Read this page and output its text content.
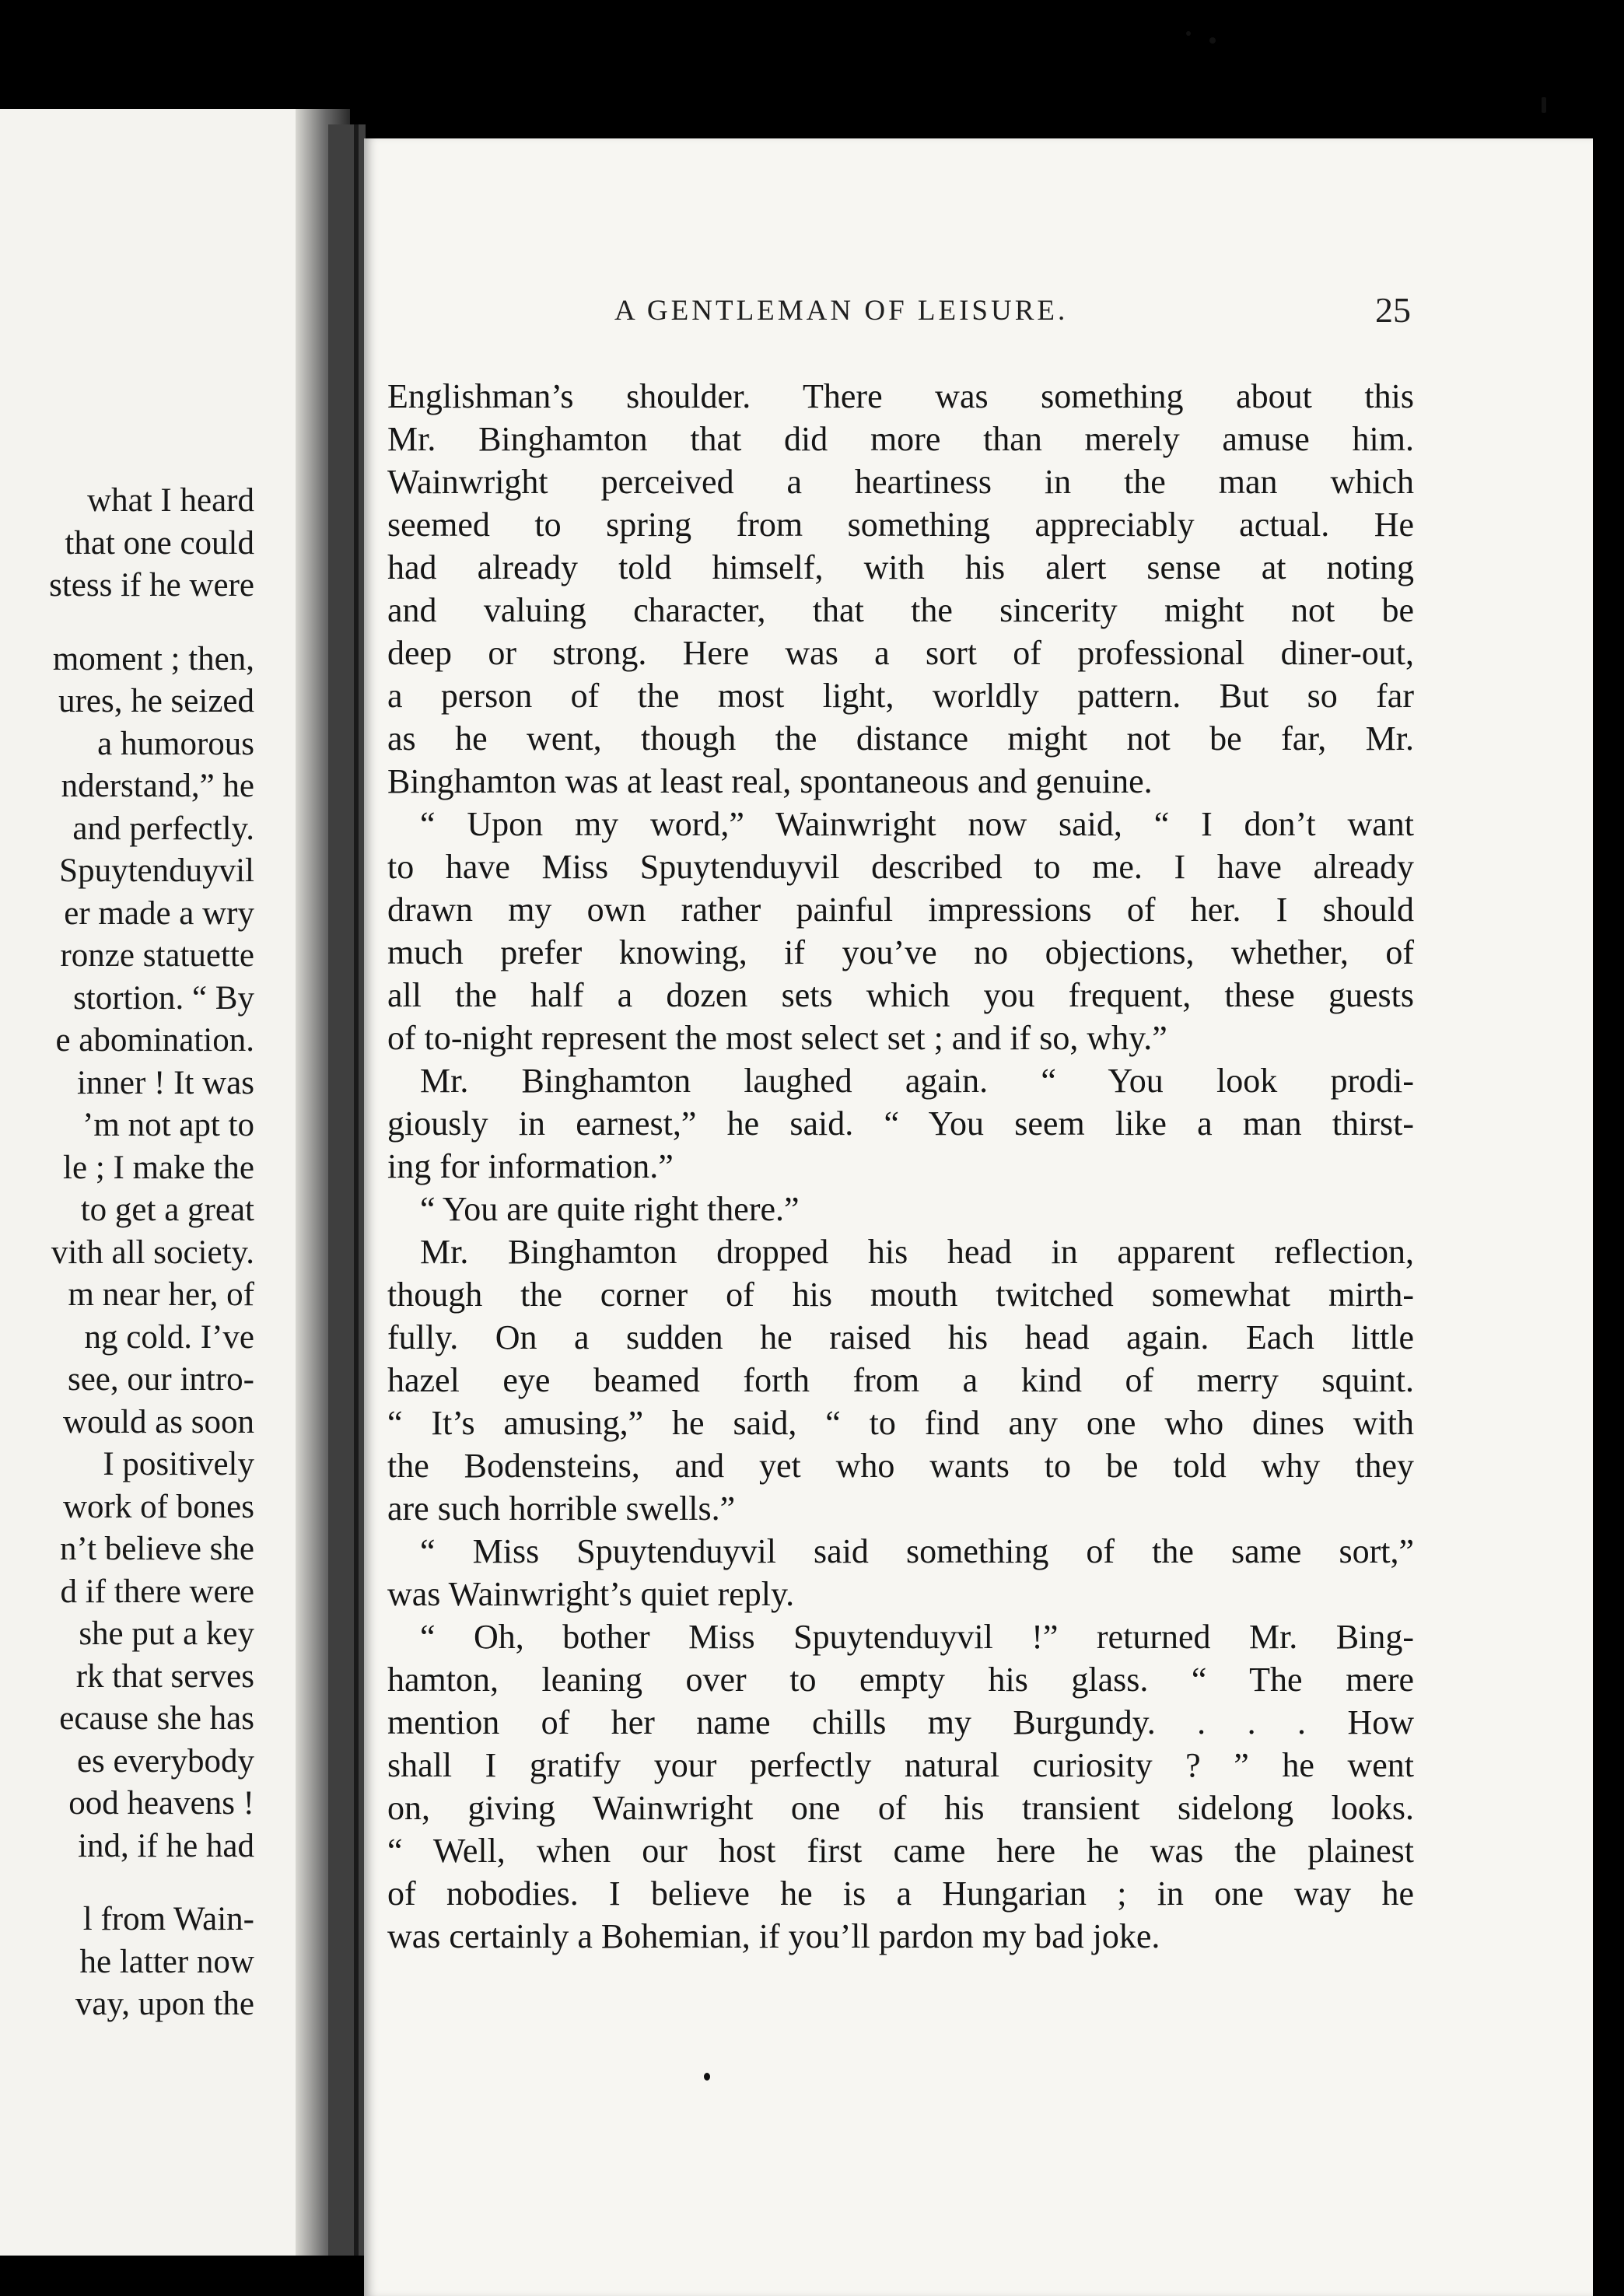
what I heard
that one could
stess if he were
moment ; then,
ures, he seized
a humorous
nderstand,” he
and perfectly.
Spuytenduyvil
er made a wry
ronze statuette
stortion. “ By
e abomination.
inner ! It was
’m not apt to
le ; I make the
to get a great
vith all society.
m near her, of
ng cold. I’ve
see, our intro-
would as soon
I positively
work of bones
n’t believe she
d if there were
she put a key
rk that serves
ecause she has
es everybody
ood heavens !
ind, if he had
l from Wain-
he latter now
vay, upon the
A GENTLEMAN OF LEISURE.	25
Englishman’s shoulder. There was something about this
Mr. Binghamton that did more than merely amuse him.
Wainwright perceived a heartiness in the man which
seemed to spring from something appreciably actual. He
had already told himself, with his alert sense at noting
and valuing character, that the sincerity might not be
deep or strong. Here was a sort of professional diner-out,
a person of the most light, worldly pattern. But so far
as he went, though the distance might not be far, Mr.
Binghamton was at least real, spontaneous and genuine.
“ Upon my word,” Wainwright now said, “ I don’t want
to have Miss Spuytenduyvil described to me. I have already
drawn my own rather painful impressions of her. I should
much prefer knowing, if you’ve no objections, whether, of
all the half a dozen sets which you frequent, these guests
of to-night represent the most select set ; and if so, why.”
Mr. Binghamton laughed again. “ You look prodi-
giously in earnest,” he said. “ You seem like a man thirst-
ing for information.”
“ You are quite right there.”
Mr. Binghamton dropped his head in apparent reflection,
though the corner of his mouth twitched somewhat mirth-
fully. On a sudden he raised his head again. Each little
hazel eye beamed forth from a kind of merry squint.
“ It’s amusing,” he said, “ to find any one who dines with
the Bodensteins, and yet who wants to be told why they
are such horrible swells.”
“ Miss Spuytenduyvil said something of the same sort,”
was Wainwright’s quiet reply.
“ Oh, bother Miss Spuytenduyvil !” returned Mr. Bing-
hamton, leaning over to empty his glass. “ The mere
mention of her name chills my Burgundy. . . . How
shall I gratify your perfectly natural curiosity ? ” he went
on, giving Wainwright one of his transient sidelong looks.
“ Well, when our host first came here he was the plainest
of nobodies. I believe he is a Hungarian ; in one way he
was certainly a Bohemian, if you’ll pardon my bad joke.
